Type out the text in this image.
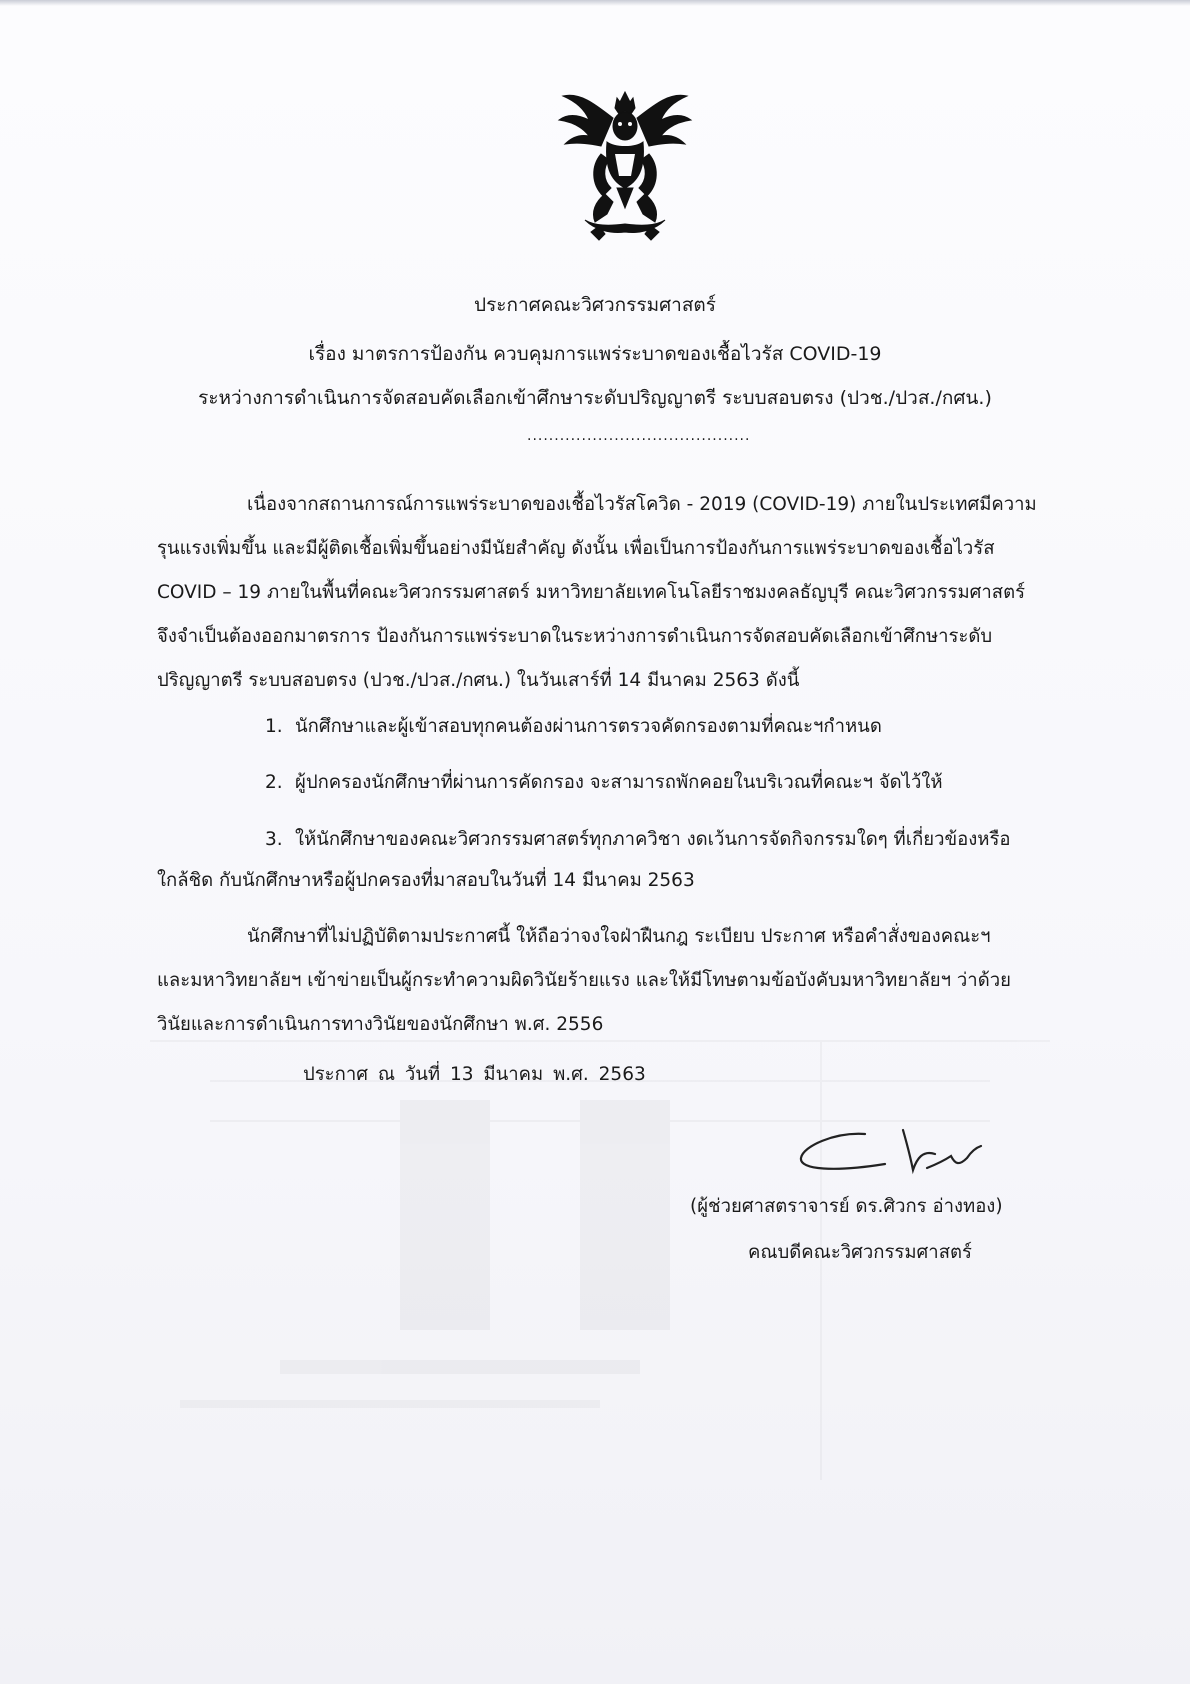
ประกาศคณะวิศวกรรมศาสตร์
เรื่อง มาตรการป้องกัน ควบคุมการแพร่ระบาดของเชื้อไวรัส COVID-19
ระหว่างการดำเนินการจัดสอบคัดเลือกเข้าศึกษาระดับปริญญาตรี ระบบสอบตรง (ปวช./ปวส./กศน.)
.........................................
เนื่องจากสถานการณ์การแพร่ระบาดของเชื้อไวรัสโควิด - 2019 (COVID-19) ภายในประเทศมีความ
รุนแรงเพิ่มขึ้น และมีผู้ติดเชื้อเพิ่มขึ้นอย่างมีนัยสำคัญ ดังนั้น เพื่อเป็นการป้องกันการแพร่ระบาดของเชื้อไวรัส
COVID – 19 ภายในพื้นที่คณะวิศวกรรมศาสตร์ มหาวิทยาลัยเทคโนโลยีราชมงคลธัญบุรี คณะวิศวกรรมศาสตร์
จึงจำเป็นต้องออกมาตรการ ป้องกันการแพร่ระบาดในระหว่างการดำเนินการจัดสอบคัดเลือกเข้าศึกษาระดับ
ปริญญาตรี ระบบสอบตรง (ปวช./ปวส./กศน.) ในวันเสาร์ที่ 14 มีนาคม 2563 ดังนี้
1. นักศึกษาและผู้เข้าสอบทุกคนต้องผ่านการตรวจคัดกรองตามที่คณะฯกำหนด
2. ผู้ปกครองนักศึกษาที่ผ่านการคัดกรอง จะสามารถพักคอยในบริเวณที่คณะฯ จัดไว้ให้
3. ให้นักศึกษาของคณะวิศวกรรมศาสตร์ทุกภาควิชา งดเว้นการจัดกิจกรรมใดๆ ที่เกี่ยวข้องหรือ
ใกล้ชิด กับนักศึกษาหรือผู้ปกครองที่มาสอบในวันที่ 14 มีนาคม 2563
นักศึกษาที่ไม่ปฏิบัติตามประกาศนี้ ให้ถือว่าจงใจฝ่าฝืนกฎ ระเบียบ ประกาศ หรือคำสั่งของคณะฯ
และมหาวิทยาลัยฯ เข้าข่ายเป็นผู้กระทำความผิดวินัยร้ายแรง และให้มีโทษตามข้อบังคับมหาวิทยาลัยฯ ว่าด้วย
วินัยและการดำเนินการทางวินัยของนักศึกษา พ.ศ. 2556
ประกาศ ณ วันที่ 13 มีนาคม พ.ศ. 2563
(ผู้ช่วยศาสตราจารย์ ดร.ศิวกร อ่างทอง)
คณบดีคณะวิศวกรรมศาสตร์
